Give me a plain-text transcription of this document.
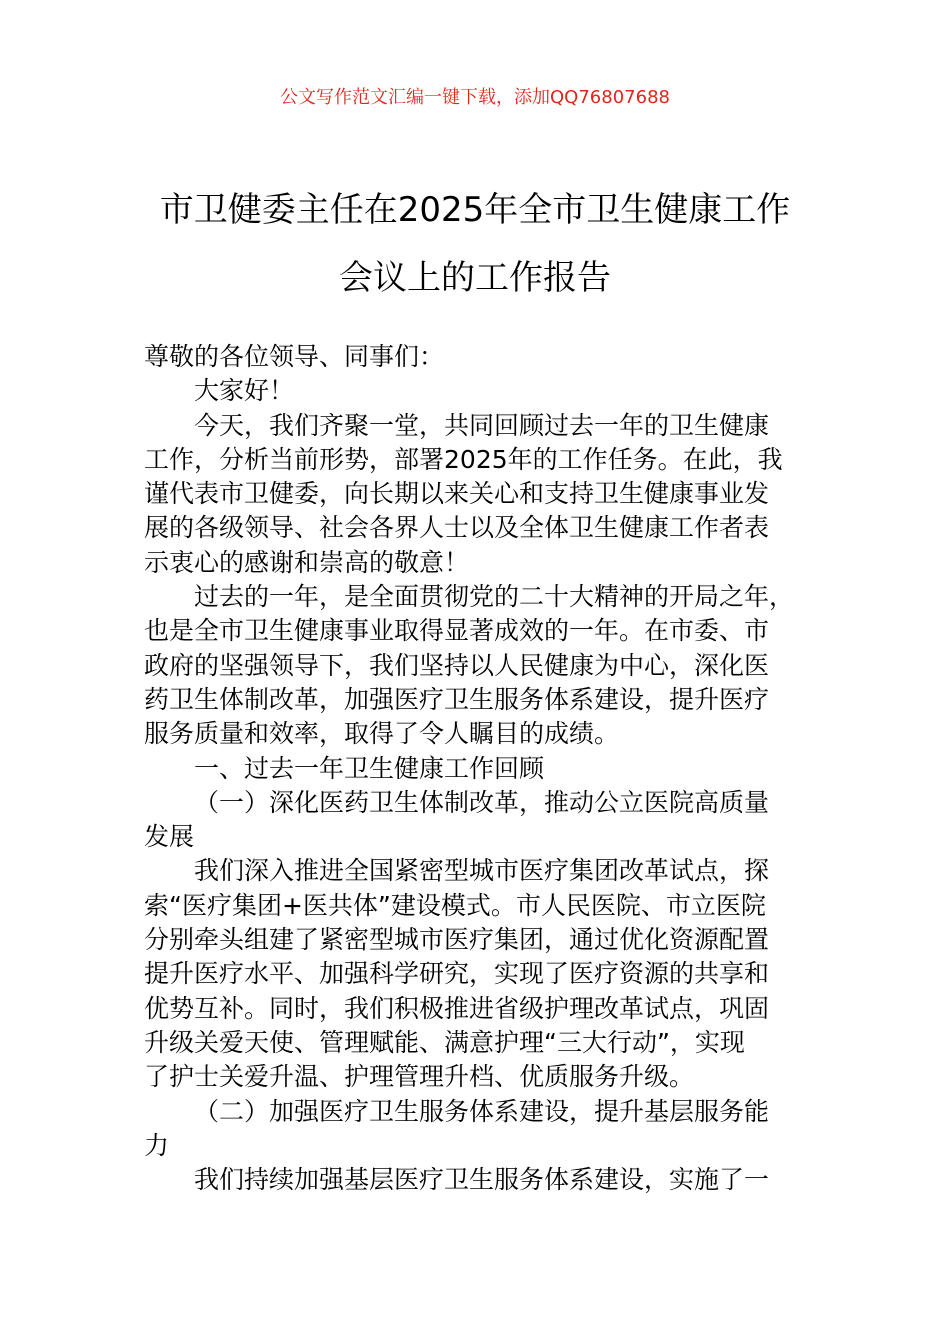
公文写作范文汇编一键下载，添加QQ76807688
市卫健委主任在2025年全市卫生健康工作
会议上的工作报告
尊敬的各位领导、同事们：
大家好！
今天，我们齐聚一堂，共同回顾过去一年的卫生健康
工作，分析当前形势，部署2025年的工作任务。在此，我
谨代表市卫健委，向长期以来关心和支持卫生健康事业发
展的各级领导、社会各界人士以及全体卫生健康工作者表
示衷心的感谢和崇高的敬意！
过去的一年，是全面贯彻党的二十大精神的开局之年，
也是全市卫生健康事业取得显著成效的一年。在市委、市
政府的坚强领导下，我们坚持以人民健康为中心，深化医
药卫生体制改革，加强医疗卫生服务体系建设，提升医疗
服务质量和效率，取得了令人瞩目的成绩。
一、过去一年卫生健康工作回顾
（一）深化医药卫生体制改革，推动公立医院高质量
发展
我们深入推进全国紧密型城市医疗集团改革试点，探
索“医疗集团+医共体”建设模式。市人民医院、市立医院
分别牵头组建了紧密型城市医疗集团，通过优化资源配置
提升医疗水平、加强科学研究，实现了医疗资源的共享和
优势互补。同时，我们积极推进省级护理改革试点，巩固
升级关爱天使、管理赋能、满意护理“三大行动”，实现
了护士关爱升温、护理管理升档、优质服务升级。
（二）加强医疗卫生服务体系建设，提升基层服务能
力
我们持续加强基层医疗卫生服务体系建设，实施了一
